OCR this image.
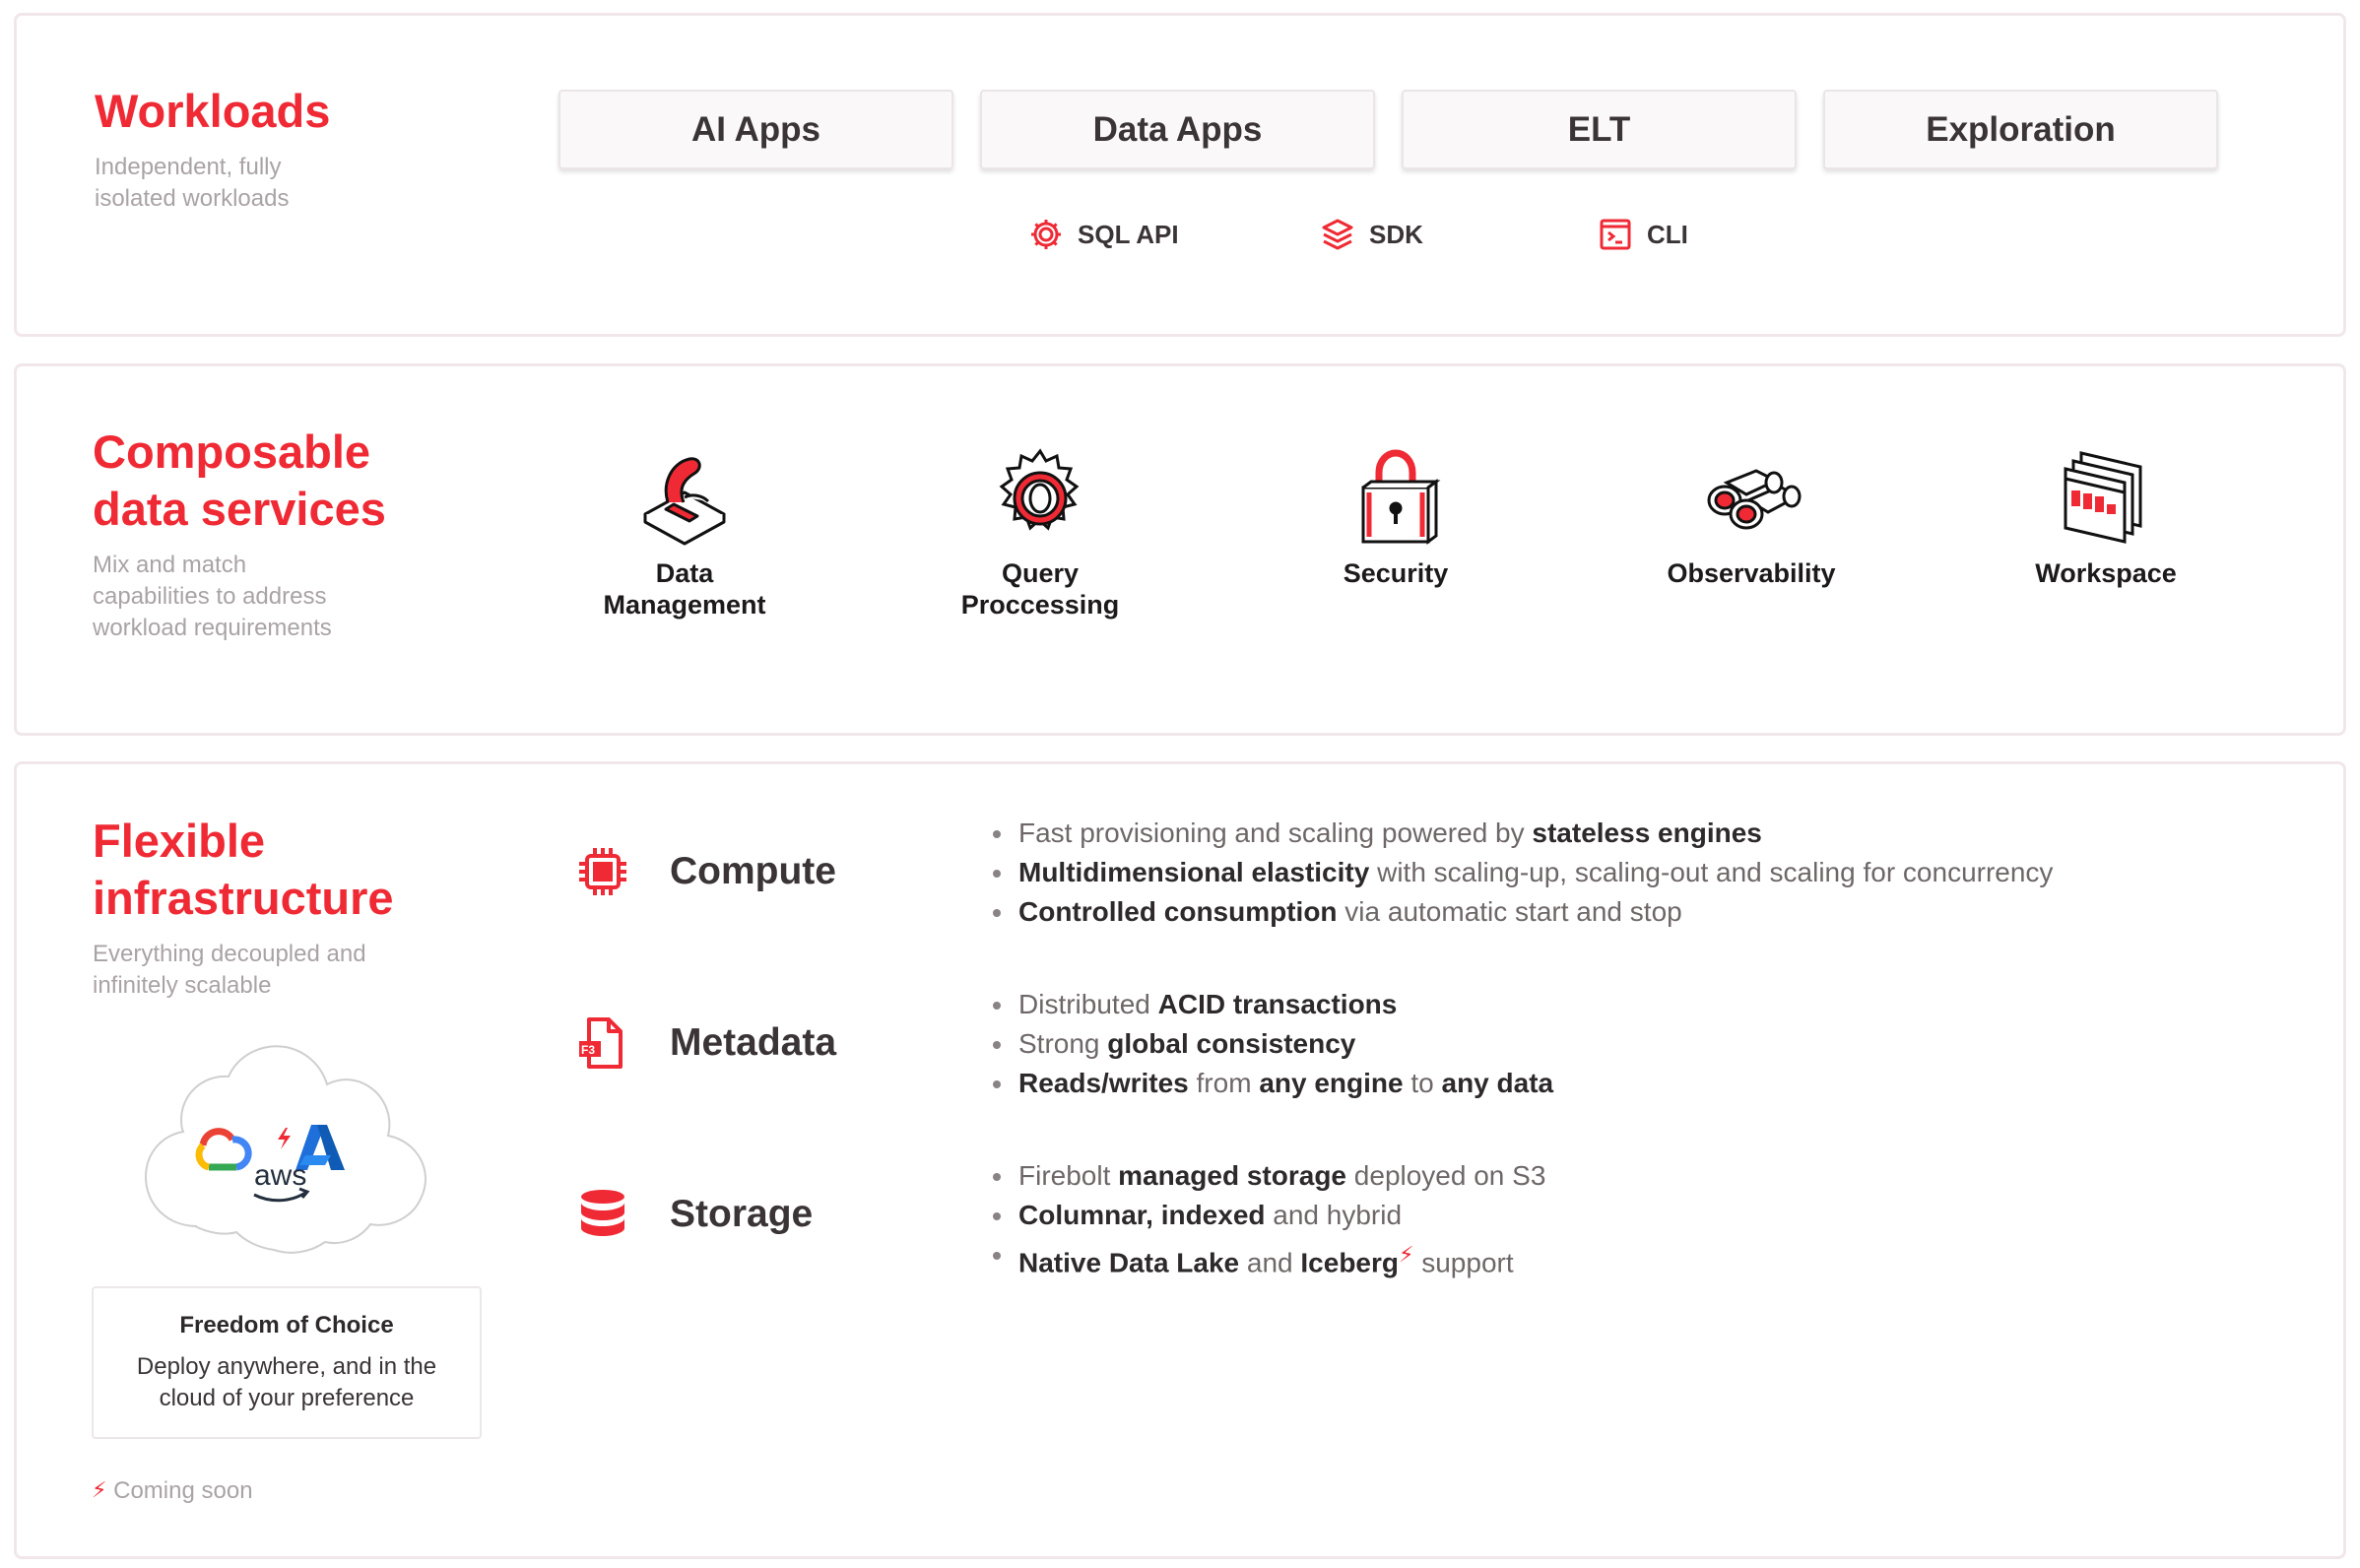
Workloads
Independent, fully
isolated workloads
AI Apps	Data Apps	ELT	Exploration
SQL API	SDK	CLI
Composable
data services
Mix and match
capabilities to address
workload requirements
Data
Management
Query
Proccessing
Security	Observability	Workspace
Flexible
infrastructure
Everything decoupled and
infinitely scalable
aws
Freedom of Choice
Deploy anywhere, and in the cloud of your preference
⚡ Coming soon
Compute
Fast provisioning and scaling powered by stateless engines
Multidimensional elasticity with scaling-up, scaling-out and scaling for concurrency
Controlled consumption via automatic start and stop
F3 Metadata
Distributed ACID transactions
Strong global consistency
Reads/writes from any engine to any data
Storage
Firebolt managed storage deployed on S3
Columnar, indexed and hybrid
Native Data Lake and Iceberg⚡ support
